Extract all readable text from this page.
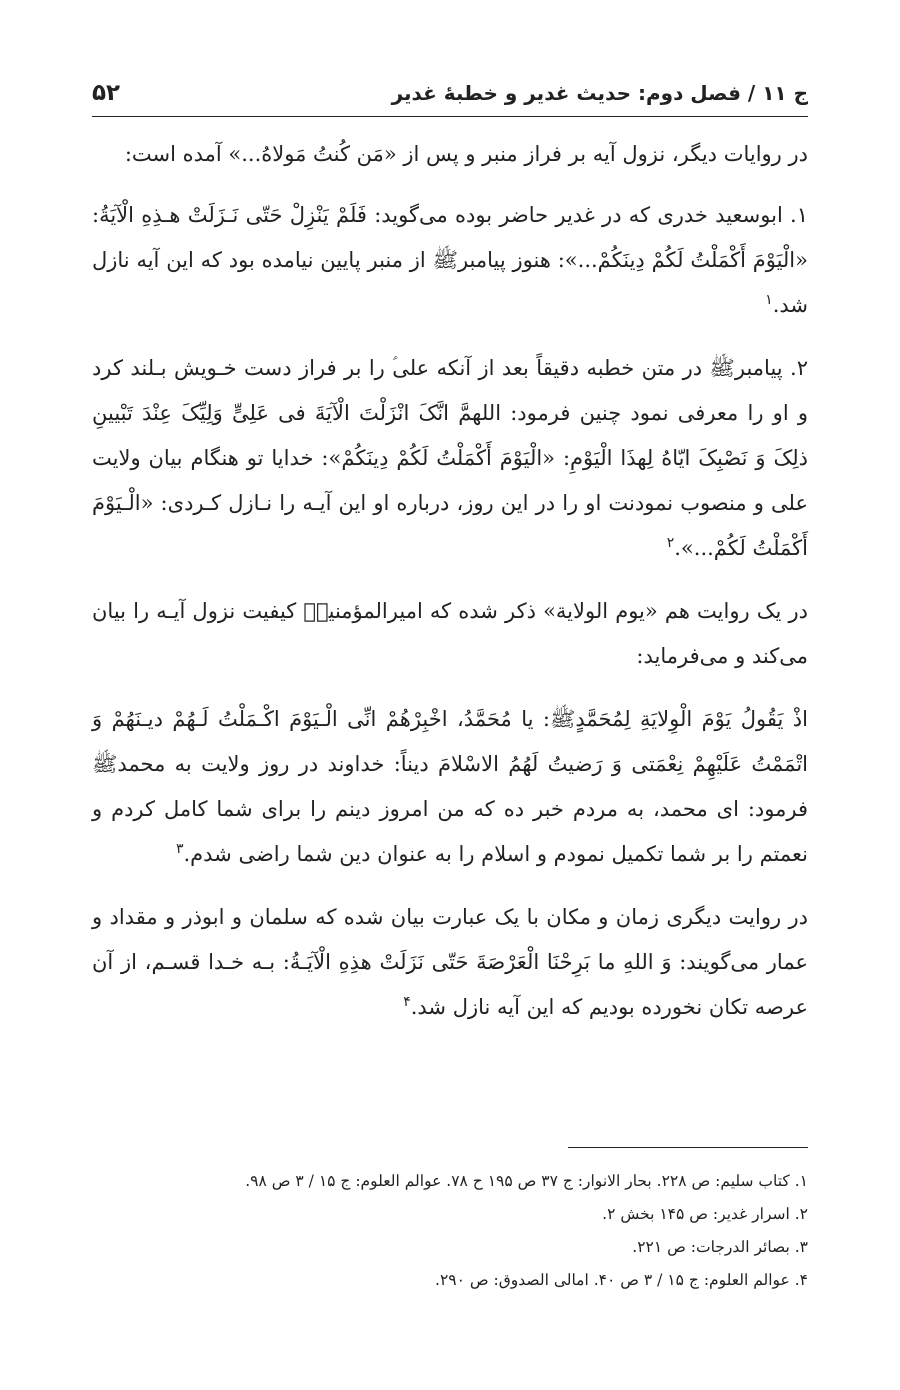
ج ۱۱ / فصل دوم: حدیث غدیر و خطبهٔ غدیر
۵۲

در روایات دیگر، نزول آیه بر فراز منبر و پس از «مَن کُنتُ مَولاهُ...» آمده است:

۱. ابوسعید خدری که در غدیر حاضر بوده می‌گوید: فَلَمْ یَنْزِلْ حَتّی نَـزَلَتْ هـذِهِ الْآیَةُ: «الْیَوْمَ أَکْمَلْتُ لَکُمْ دِینَکُمْ...»: هنوز پیامبرﷺ از منبر پایین نیامده بود که این آیه نازل شد.$^۱$

۲. پیامبرﷺ در متن خطبه دقیقاً بعد از آنکه علی‌ؑ را بر فراز دست خـویش بـلند کرد و او را معرفی نمود چنین فرمود: اللهمَّ انَّکَ انْزَلْتَ الْآیَةَ فی عَلِیٍّ وَلِیِّکَ عِنْدَ تَبْیینِ ذلِکَ وَ نَصْبِکَ ایّاهُ لِهذَا الْیَوْمِ: «الْیَوْمَ أَکْمَلْتُ لَکُمْ دِینَکُمْ»: خدایا تو هنگام بیان ولایت علی و منصوب نمودنت او را در این روز، درباره او این آیـه را نـازل کـردی: «الْـیَوْمَ أَکْمَلْتُ لَکُمْ...».$^۲$

در یک روایت هم «یوم الولایة» ذکر شده که امیرالمؤمنینؑ کیفیت نزول آیـه را بیان می‌کند و می‌فرماید:

اذْ یَقُولُ یَوْمَ الْوِلایَةِ لِمُحَمَّدٍﷺ: یا مُحَمَّدُ، اخْبِرْهُمْ انِّی الْـیَوْمَ اکْـمَلْتُ لَـهُمْ دیـنَهُمْ وَ اتْمَمْتُ عَلَیْهِمْ نِعْمَتی وَ رَضیتُ لَهُمُ الاسْلامَ دیناً: خداوند در روز ولایت به محمدﷺ فرمود: ای محمد، به مردم خبر ده که من امروز دینم را برای شما کامل کردم و نعمتم را بر شما تکمیل نمودم و اسلام را به عنوان دین شما راضی شدم.$^۳$

در روایت دیگری زمان و مکان با یک عبارت بیان شده که سلمان و ابوذر و مقداد و عمار می‌گویند: وَ اللهِ ما بَرِحْنَا الْعَرْصَةَ حَتّی نَزَلَتْ هذِهِ الْآیَـةُ: بـه خـدا قسـم، از آن عرصه تکان نخورده بودیم که این آیه نازل شد.$^۴$

۱. کتاب سلیم: ص ۲۲۸. بحار الانوار: ج ۳۷ ص ۱۹۵ ح ۷۸. عوالم العلوم: ج ۱۵ / ۳ ص ۹۸.
۲. اسرار غدیر: ص ۱۴۵ بخش ۲.
۳. بصائر الدرجات: ص ۲۲۱.
۴. عوالم العلوم: ج ۱۵ / ۳ ص ۴۰. امالی الصدوق: ص ۲۹۰.
